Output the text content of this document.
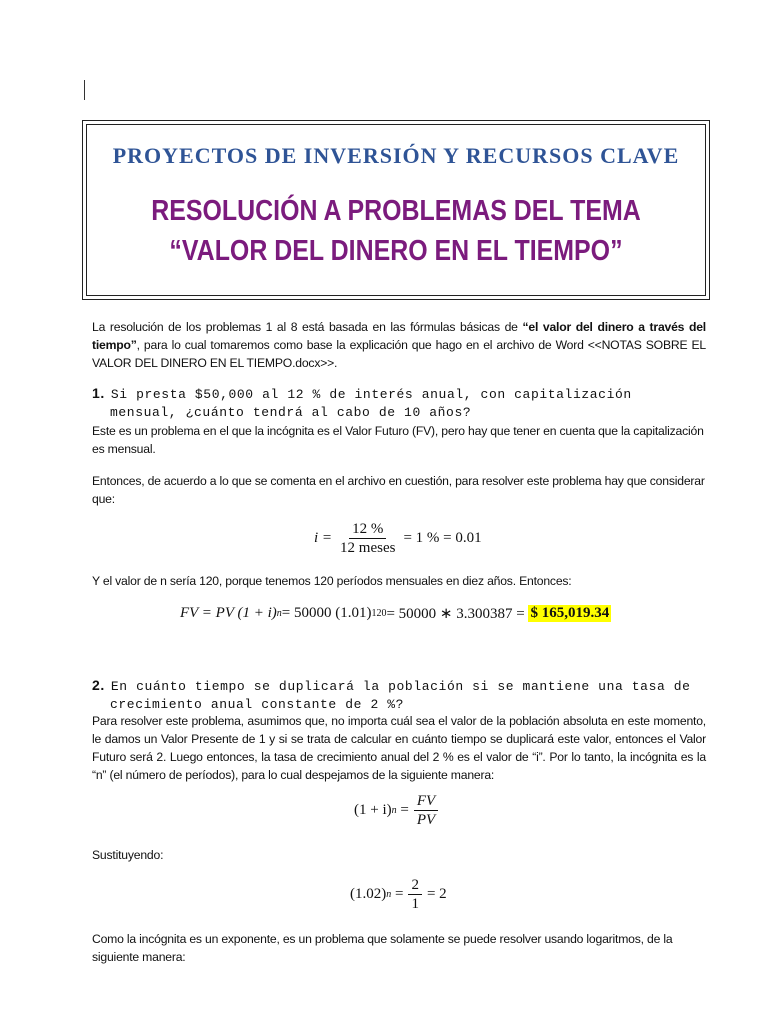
PROYECTOS DE INVERSIÓN Y RECURSOS CLAVE
RESOLUCIÓN A PROBLEMAS DEL TEMA
“VALOR DEL DINERO EN EL TIEMPO”
La resolución de los problemas 1 al 8 está basada en las fórmulas básicas de “el valor del dinero a través del tiempo”, para lo cual tomaremos como base la explicación que hago en el archivo de Word <<NOTAS SOBRE EL VALOR DEL DINERO EN EL TIEMPO.docx>>.
1. Si presta $50,000 al 12 % de interés anual, con capitalización
mensual, ¿cuánto tendrá al cabo de 10 años?
Este es un problema en el que la incógnita es el Valor Futuro (FV), pero hay que tener en cuenta que la capitalización es mensual.
Entonces, de acuerdo a lo que se comenta en el archivo en cuestión, para resolver este problema hay que considerar que:
$i = \frac{12 \%}{\text{12 meses}} = 1$ % = 0.01
Y el valor de n sería 120, porque tenemos 120 períodos mensuales en diez años. Entonces:
FV = PV (1 + i) n = 50000 (1.01) 120 = 50000 ∗ 3.300387 =
$ 165,019.34
2. En cuánto tiempo se duplicará la población si se mantiene una tasa de
crecimiento anual constante de 2 %?
Para resolver este problema, asumimos que, no importa cuál sea el valor de la población absoluta en este momento, le damos un Valor Presente de 1 y si se trata de calcular en cuánto tiempo se duplicará este valor, entonces el Valor Futuro será 2. Luego entonces, la tasa de crecimiento anual del 2 % es el valor de “i”. Por lo tanto, la incógnita es la “n” (el número de períodos), para lo cual despejamos de la siguiente manera:
(1 + i) n
= $\frac{FV}{PV}$
Sustituyendo:
(1.02) n
= $\frac{2}{1} = 2$
Como la incógnita es un exponente, es un problema que solamente se puede resolver usando logaritmos, de la siguiente manera:
